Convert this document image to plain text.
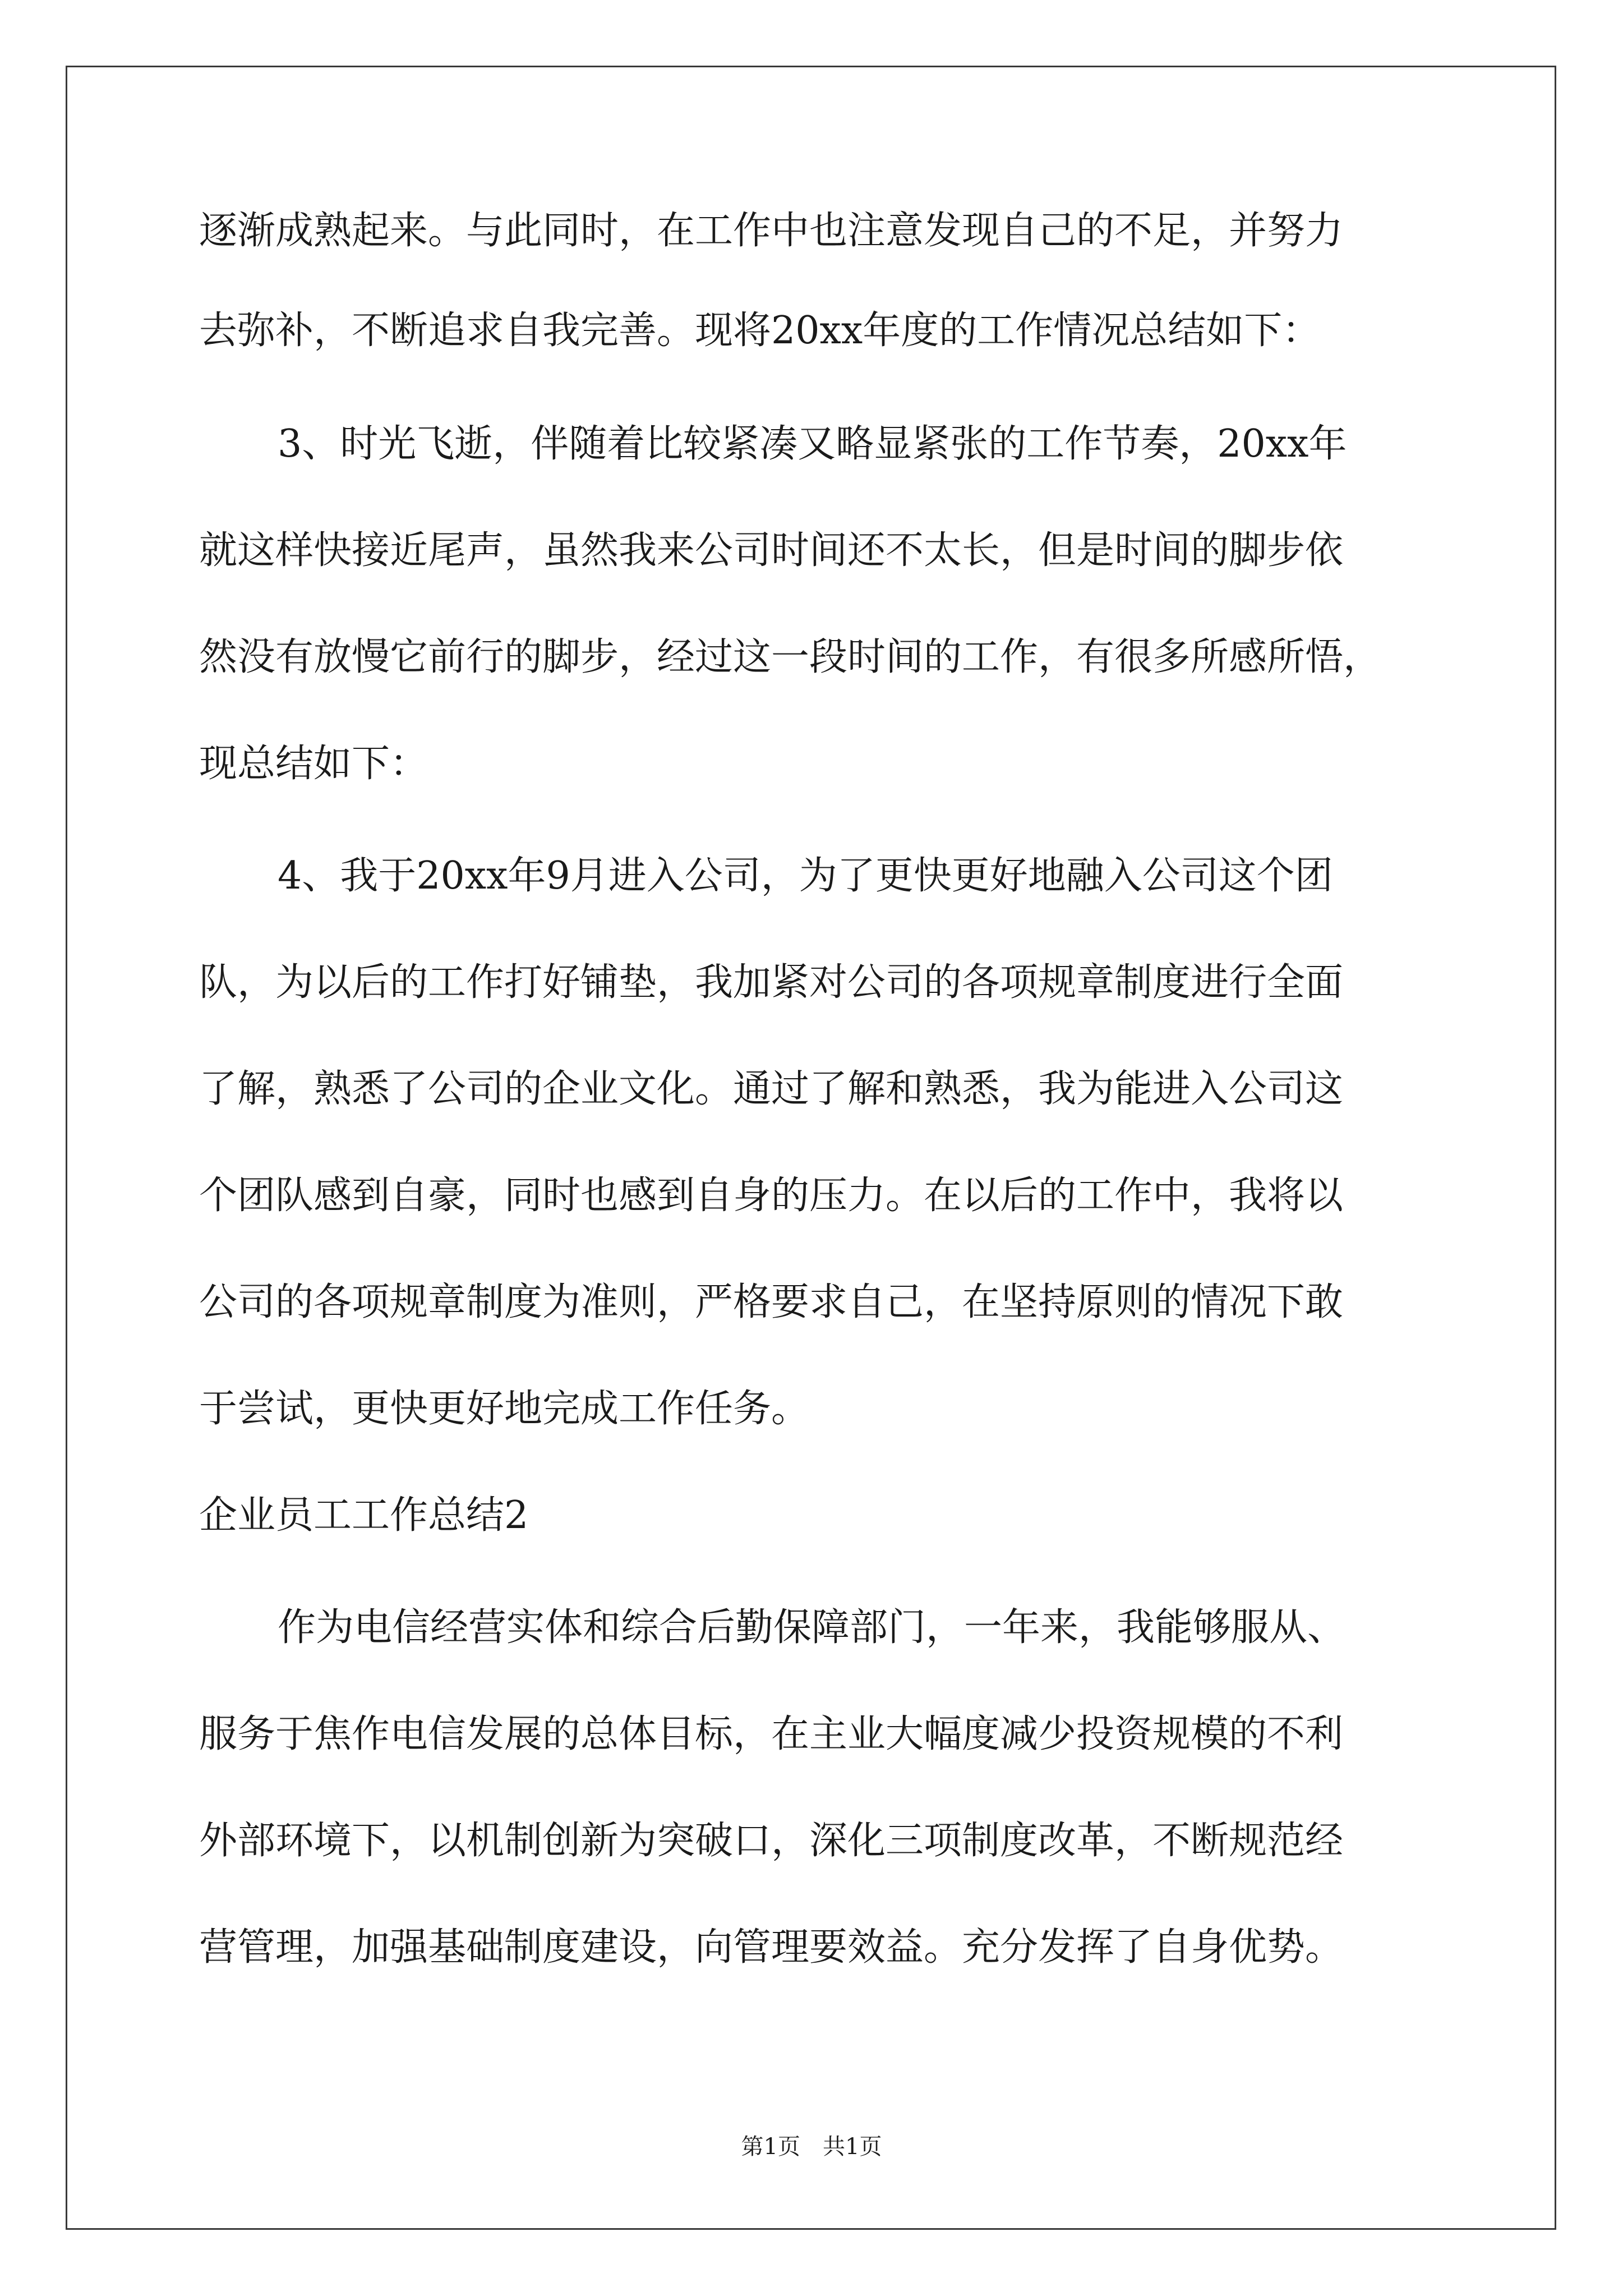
逐渐成熟起来。与此同时，在工作中也注意发现自己的不足，并努力
去弥补，不断追求自我完善。现将20xx年度的工作情况总结如下：
3、时光飞逝，伴随着比较紧凑又略显紧张的工作节奏，20xx年
就这样快接近尾声，虽然我来公司时间还不太长，但是时间的脚步依
然没有放慢它前行的脚步，经过这一段时间的工作，有很多所感所悟，
现总结如下：
4、我于20xx年9月进入公司，为了更快更好地融入公司这个团
队，为以后的工作打好铺垫，我加紧对公司的各项规章制度进行全面
了解，熟悉了公司的企业文化。通过了解和熟悉，我为能进入公司这
个团队感到自豪，同时也感到自身的压力。在以后的工作中，我将以
公司的各项规章制度为准则，严格要求自己，在坚持原则的情况下敢
于尝试，更快更好地完成工作任务。
企业员工工作总结2
作为电信经营实体和综合后勤保障部门，一年来，我能够服从、
服务于焦作电信发展的总体目标，在主业大幅度减少投资规模的不利
外部环境下，以机制创新为突破口，深化三项制度改革，不断规范经
营管理，加强基础制度建设，向管理要效益。充分发挥了自身优势。
第1页 共1页
